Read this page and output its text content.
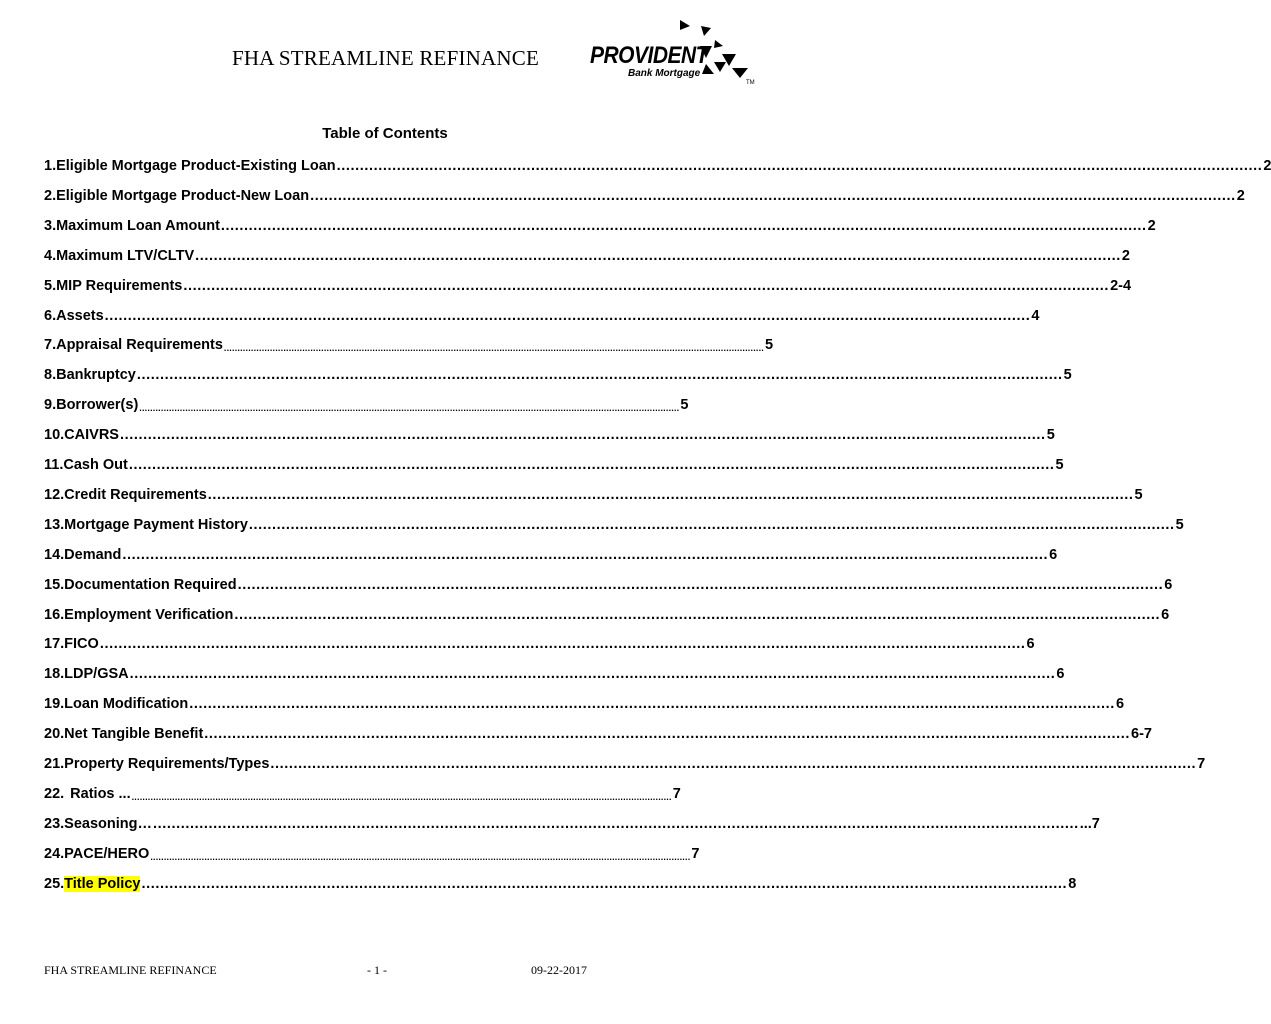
FHA STREAMLINE REFINANCE PROVIDENT
Bank Mortgage
TM
Table of Contents
1. Eligible Mortgage Product-Existing Loan ........................................................................................................................................................................................................ 2
2. Eligible Mortgage Product-New Loan ........................................................................................................................................................................................................ 2
3. Maximum Loan Amount ........................................................................................................................................................................................................ 2
4. Maximum LTV/CLTV ........................................................................................................................................................................................................ 2
5. MIP Requirements ........................................................................................................................................................................................................ 2-4
6. Assets ........................................................................................................................................................................................................ 4
7. Appraisal Requirements ........................................................................................................................................................................................................ 5
8. Bankruptcy ........................................................................................................................................................................................................ 5
9. Borrower(s) ........................................................................................................................................................................................................ 5
10. CAIVRS ........................................................................................................................................................................................................ 5
11. Cash Out ........................................................................................................................................................................................................ 5
12. Credit Requirements ........................................................................................................................................................................................................ 5
13. Mortgage Payment History ........................................................................................................................................................................................................ 5
14. Demand ........................................................................................................................................................................................................ 6
15. Documentation Required ........................................................................................................................................................................................................ 6
16. Employment Verification ........................................................................................................................................................................................................ 6
17. FICO ........................................................................................................................................................................................................ 6
18. LDP/GSA ........................................................................................................................................................................................................ 6
19. Loan Modification ........................................................................................................................................................................................................ 6
20. Net Tangible Benefit ........................................................................................................................................................................................................ 6-7
21. Property Requirements/Types ........................................................................................................................................................................................................ 7
22. Ratios ... ........................................................................................................................................................................................................ 7
23. Seasoning… ........................................................................................................................................................................................................ ...7
24. PACE/HERO ........................................................................................................................................................................................................ 7
25. Title Policy ........................................................................................................................................................................................................ 8
FHA STREAMLINE REFINANCE	- 1 -	09-22-2017
